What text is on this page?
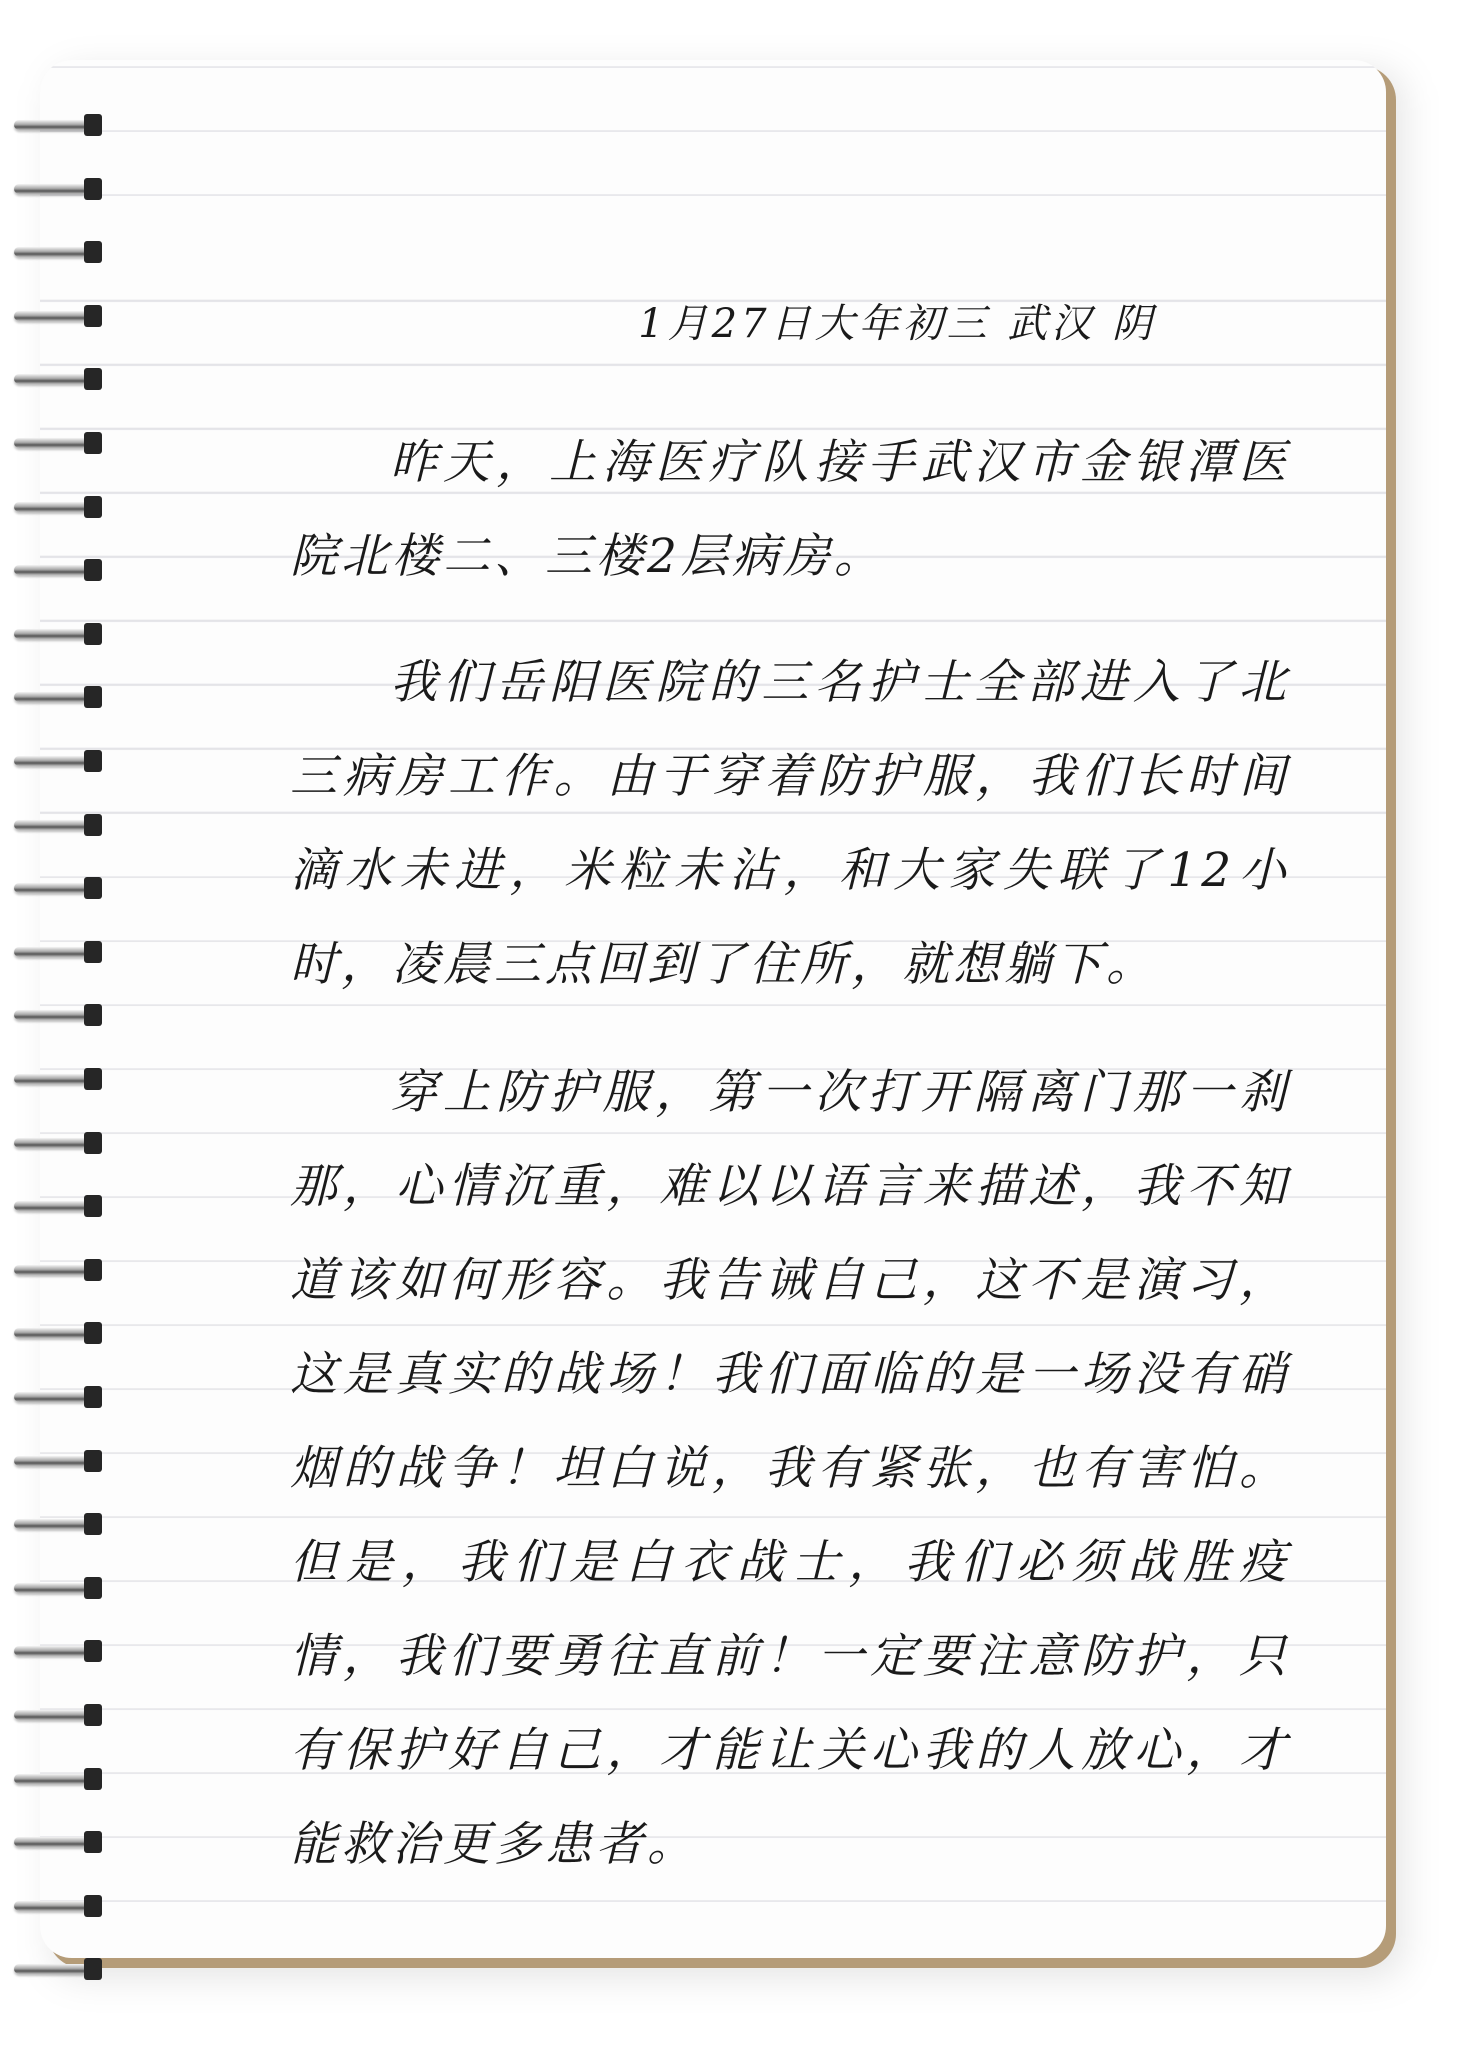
1月27日大年初三 武汉 阴

昨天，上海医疗队接手武汉市金银潭医院北楼二、三楼2层病房。

我们岳阳医院的三名护士全部进入了北三病房工作。由于穿着防护服，我们长时间滴水未进，米粒未沾，和大家失联了12小时，凌晨三点回到了住所，就想躺下。

穿上防护服，第一次打开隔离门那一刹那，心情沉重，难以以语言来描述，我不知道该如何形容。我告诫自己，这不是演习，这是真实的战场！我们面临的是一场没有硝烟的战争！坦白说，我有紧张，也有害怕。但是，我们是白衣战士，我们必须战胜疫情，我们要勇往直前！一定要注意防护，只有保护好自己，才能让关心我的人放心，才能救治更多患者。
